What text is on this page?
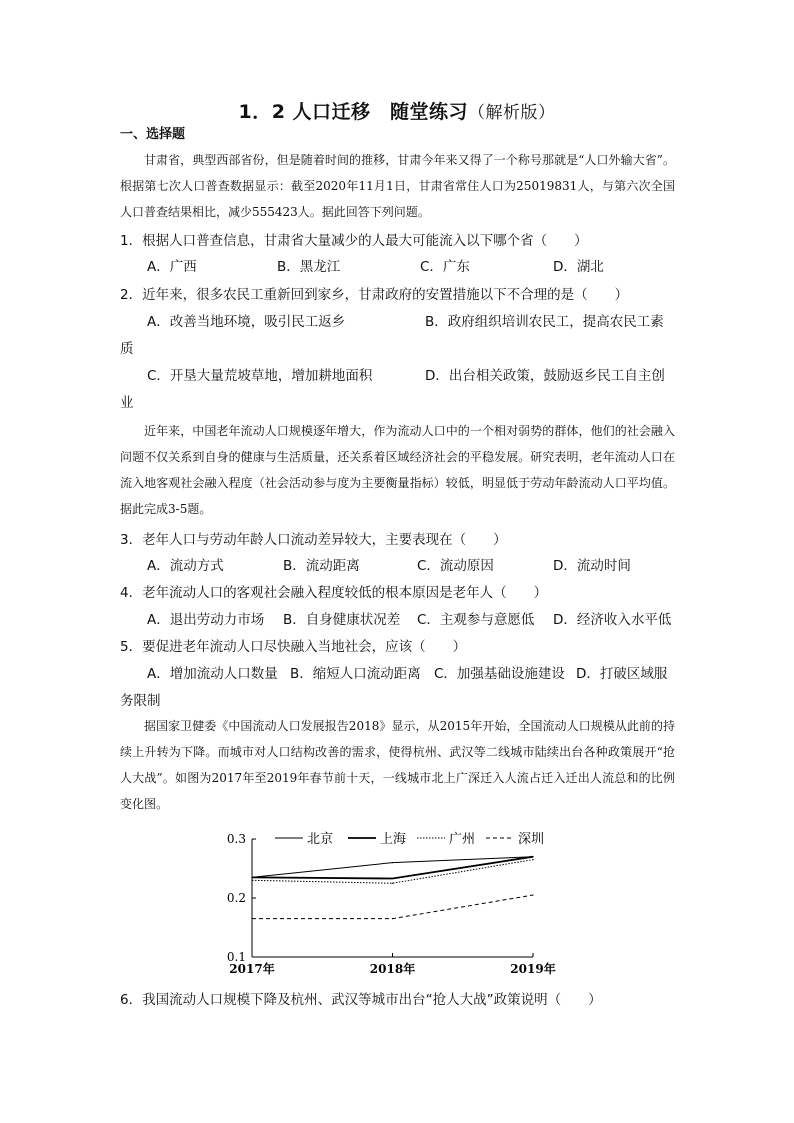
1．2 人口迁移　随堂练习（解析版）
一、选择题

甘肃省，典型西部省份，但是随着时间的推移，甘肃今年来又得了一个称号那就是“人口外输大省”。根据第七次人口普查数据显示：截至2020年11月1日，甘肃省常住人口为25019831人，与第六次全国人口普查结果相比，减少555423人。据此回答下列问题。

1．根据人口普查信息，甘肃省大量减少的人最大可能流入以下哪个省（　　）

A．广西	B．黑龙江	C．广东	D．湖北

2．近年来，很多农民工重新回到家乡，甘肃政府的安置措施以下不合理的是（　　）

A．改善当地环境，吸引民工返乡	B．政府组织培训农民工，提高农民工素
质
C．开垦大量荒坡草地，增加耕地面积	D．出台相关政策，鼓励返乡民工自主创
业

近年来，中国老年流动人口规模逐年增大，作为流动人口中的一个相对弱势的群体，他们的社会融入问题不仅关系到自身的健康与生活质量，还关系着区域经济社会的平稳发展。研究表明，老年流动人口在流入地客观社会融入程度（社会活动参与度为主要衡量指标）较低，明显低于劳动年龄流动人口平均值。据此完成3-5题。

3．老年人口与劳动年龄人口流动差异较大，主要表现在（　　）

A．流动方式	B．流动距离	C．流动原因	D．流动时间

4．老年流动人口的客观社会融入程度较低的根本原因是老年人（　　）

A．退出劳动力市场 B．自身健康状况差 C．主观参与意愿低 D．经济收入水平低

5．要促进老年流动人口尽快融入当地社会，应该（　　）

A．增加流动人口数量 B．缩短人口流动距离 C．加强基础设施建设 D．打破区域服
务限制

据国家卫健委《中国流动人口发展报告2018》显示，从2015年开始，全国流动人口规模从此前的持续上升转为下降。而城市对人口结构改善的需求，使得杭州、武汉等二线城市陆续出台各种政策展开“抢人大战”。如图为2017年至2019年春节前十天，一线城市北上广深迁入人流占迁入迁出人流总和的比例变化图。

0.1
0.2
0.3
2017年	2018年	2019年
北京	上海	广州	深圳

6．我国流动人口规模下降及杭州、武汉等城市出台“抢人大战”政策说明（　　）
